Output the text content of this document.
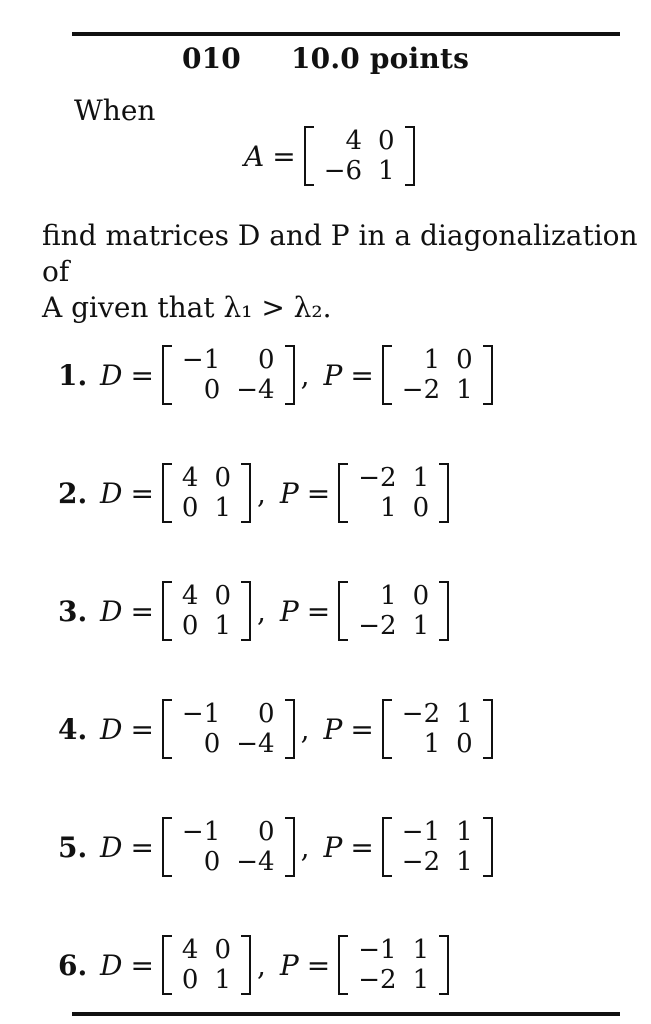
010 10.0 points
When
A = 4	0
−6	1
find matrices D and P in a diagonalization of
A given that λ₁ > λ₂.
1. D = −1	0
0	−4 , P = 1	0
−2	1
2. D = 4	0
0	1 , P = −2	1
1	0
3. D = 4	0
0	1 , P = 1	0
−2	1
4. D = −1	0
0	−4 , P = −2	1
1	0
5. D = −1	0
0	−4 , P = −1	1
−2	1
6. D = 4	0
0	1 , P = −1	1
−2	1
